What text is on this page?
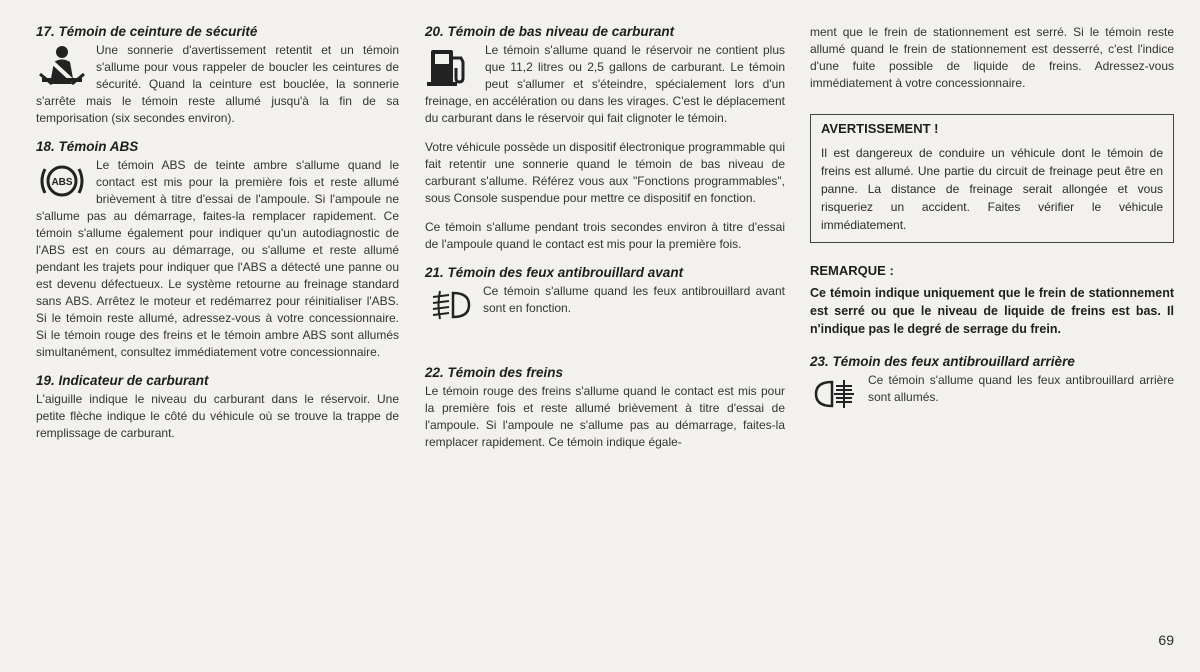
17. Témoin de ceinture de sécurité

Une sonnerie d'avertissement retentit et un témoin s'allume pour vous rappeler de boucler les ceintures de sécurité. Quand la ceinture est bouclée, la sonnerie s'arrête mais le témoin reste allumé jusqu'à la fin de sa temporisation (six secondes environ).

18. Témoin ABS

ABS

Le témoin ABS de teinte ambre s'allume quand le contact est mis pour la première fois et reste allumé brièvement à titre d'essai de l'ampoule. Si l'ampoule ne s'allume pas au démarrage, faites-la remplacer rapidement. Ce témoin s'allume également pour indiquer qu'un autodiagnostic de l'ABS est en cours au démarrage, ou s'allume et reste allumé pendant les trajets pour indiquer que l'ABS a détecté une panne ou est devenu défectueux. Le système retourne au freinage standard sans ABS. Arrêtez le moteur et redémarrez pour réinitialiser l'ABS. Si le témoin reste allumé, adressez-vous à votre concessionnaire. Si le témoin rouge des freins et le témoin ambre ABS sont allumés simultanément, consultez immédiatement votre concessionnaire.

19. Indicateur de carburant

L'aiguille indique le niveau du carburant dans le réservoir. Une petite flèche indique le côté du véhicule où se trouve la trappe de remplissage de carburant.

20. Témoin de bas niveau de carburant

Le témoin s'allume quand le réservoir ne contient plus que 11,2 litres ou 2,5 gallons de carburant. Le témoin peut s'allumer et s'éteindre, spécialement lors d'un freinage, en accélération ou dans les virages. C'est le déplacement du carburant dans le réservoir qui fait clignoter le témoin.

Votre véhicule possède un dispositif électronique programmable qui fait retentir une sonnerie quand le témoin de bas niveau de carburant s'allume. Référez vous aux "Fonctions programmables", sous Console suspendue pour mettre ce dispositif en fonction.

Ce témoin s'allume pendant trois secondes environ à titre d'essai de l'ampoule quand le contact est mis pour la première fois.

21. Témoin des feux antibrouillard avant

Ce témoin s'allume quand les feux antibrouillard avant sont en fonction.

22. Témoin des freins

Le témoin rouge des freins s'allume quand le contact est mis pour la première fois et reste allumé brièvement à titre d'essai de l'ampoule. Si l'ampoule ne s'allume pas au démarrage, faites-la remplacer rapidement. Ce témoin indique égale-

ment que le frein de stationnement est serré. Si le témoin reste allumé quand le frein de stationnement est desserré, c'est l'indice d'une fuite possible de liquide de freins. Adressez-vous immédiatement à votre concessionnaire.

AVERTISSEMENT !

Il est dangereux de conduire un véhicule dont le témoin de freins est allumé. Une partie du circuit de freinage peut être en panne. La distance de freinage serait allongée et vous risqueriez un accident. Faites vérifier le véhicule immédiatement.

REMARQUE :

Ce témoin indique uniquement que le frein de stationnement est serré ou que le niveau de liquide de freins est bas. Il n'indique pas le degré de serrage du frein.

23. Témoin des feux antibrouillard arrière

Ce témoin s'allume quand les feux antibrouillard arrière sont allumés.

69
